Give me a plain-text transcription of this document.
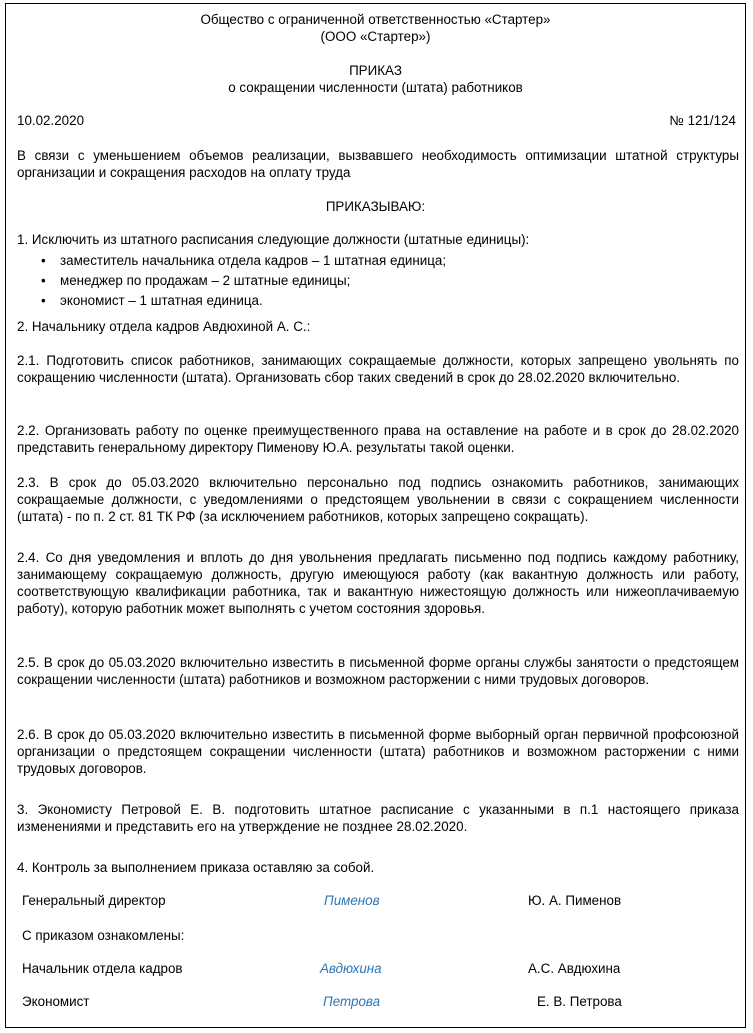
Общество с ограниченной ответственностью «Стартер»
(ООО «Стартер»)
ПРИКАЗ
о сокращении численности (штата) работников
10.02.2020	№ 121/124
В связи с уменьшением объемов реализации, вызвавшего необходимость оптимизации штатной структуры организации и сокращения расходов на оплату труда
ПРИКАЗЫВАЮ:
1. Исключить из штатного расписания следующие должности (штатные единицы):
• заместитель начальника отдела кадров – 1 штатная единица;
• менеджер по продажам – 2 штатные единицы;
• экономист – 1 штатная единица.
2. Начальнику отдела кадров Авдюхиной А. С.:
2.1. Подготовить список работников, занимающих сокращаемые должности, которых запрещено увольнять по сокращению численности (штата). Организовать сбор таких сведений в срок до 28.02.2020 включительно.
2.2. Организовать работу по оценке преимущественного права на оставление на работе и в срок до 28.02.2020 представить генеральному директору Пименову Ю.А. результаты такой оценки.
2.3. В срок до 05.03.2020 включительно персонально под подпись ознакомить работников, занимающих сокращаемые должности, с уведомлениями о предстоящем увольнении в связи с сокращением численности (штата) - по п. 2 ст. 81 ТК РФ (за исключением работников, которых запрещено сокращать).
2.4. Со дня уведомления и вплоть до дня увольнения предлагать письменно под подпись каждому работнику, занимающему сокращаемую должность, другую имеющуюся работу (как вакантную должность или работу, соответствующую квалификации работника, так и вакантную нижестоящую должность или нижеоплачиваемую работу), которую работник может выполнять с учетом состояния здоровья.
2.5. В срок до 05.03.2020 включительно известить в письменной форме органы службы занятости о предстоящем сокращении численности (штата) работников и возможном расторжении с ними трудовых договоров.
2.6. В срок до 05.03.2020 включительно известить в письменной форме выборный орган первичной профсоюзной организации о предстоящем сокращении численности (штата) работников и возможном расторжении с ними трудовых договоров.
3. Экономисту Петровой Е. В. подготовить штатное расписание с указанными в п.1 настоящего приказа изменениями и представить его на утверждение не позднее 28.02.2020.
4. Контроль за выполнением приказа оставляю за собой.
Генеральный директор	Пименов	Ю. А. Пименов
С приказом ознакомлены:
Начальник отдела кадров	Авдюхина	А.С. Авдюхина
Экономист	Петрова	Е. В. Петрова
